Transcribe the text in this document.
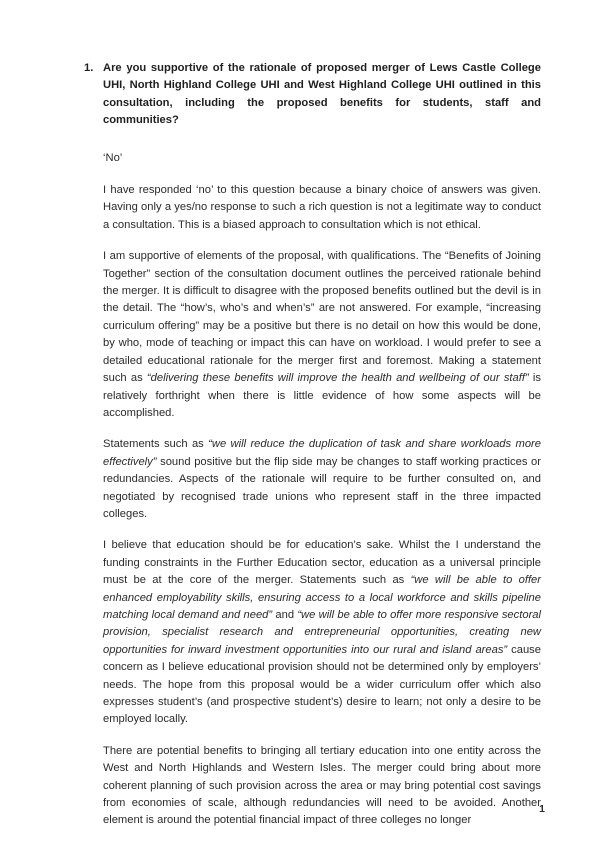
1. Are you supportive of the rationale of proposed merger of Lews Castle College UHI, North Highland College UHI and West Highland College UHI outlined in this consultation, including the proposed benefits for students, staff and communities?

‘No’

I have responded ‘no’ to this question because a binary choice of answers was given. Having only a yes/no response to such a rich question is not a legitimate way to conduct a consultation. This is a biased approach to consultation which is not ethical.

I am supportive of elements of the proposal, with qualifications. The “Benefits of Joining Together” section of the consultation document outlines the perceived rationale behind the merger. It is difficult to disagree with the proposed benefits outlined but the devil is in the detail. The “how’s, who’s and when’s” are not answered. For example, “increasing curriculum offering” may be a positive but there is no detail on how this would be done, by who, mode of teaching or impact this can have on workload. I would prefer to see a detailed educational rationale for the merger first and foremost. Making a statement such as “delivering these benefits will improve the health and wellbeing of our staff” is relatively forthright when there is little evidence of how some aspects will be accomplished.

Statements such as “we will reduce the duplication of task and share workloads more effectively” sound positive but the flip side may be changes to staff working practices or redundancies. Aspects of the rationale will require to be further consulted on, and negotiated by recognised trade unions who represent staff in the three impacted colleges.

I believe that education should be for education’s sake. Whilst the I understand the funding constraints in the Further Education sector, education as a universal principle must be at the core of the merger. Statements such as “we will be able to offer enhanced employability skills, ensuring access to a local workforce and skills pipeline matching local demand and need” and “we will be able to offer more responsive sectoral provision, specialist research and entrepreneurial opportunities, creating new opportunities for inward investment opportunities into our rural and island areas” cause concern as I believe educational provision should not be determined only by employers’ needs. The hope from this proposal would be a wider curriculum offer which also expresses student’s (and prospective student’s) desire to learn; not only a desire to be employed locally.

There are potential benefits to bringing all tertiary education into one entity across the West and North Highlands and Western Isles. The merger could bring about more coherent planning of such provision across the area or may bring potential cost savings from economies of scale, although redundancies will need to be avoided. Another element is around the potential financial impact of three colleges no longer

1
